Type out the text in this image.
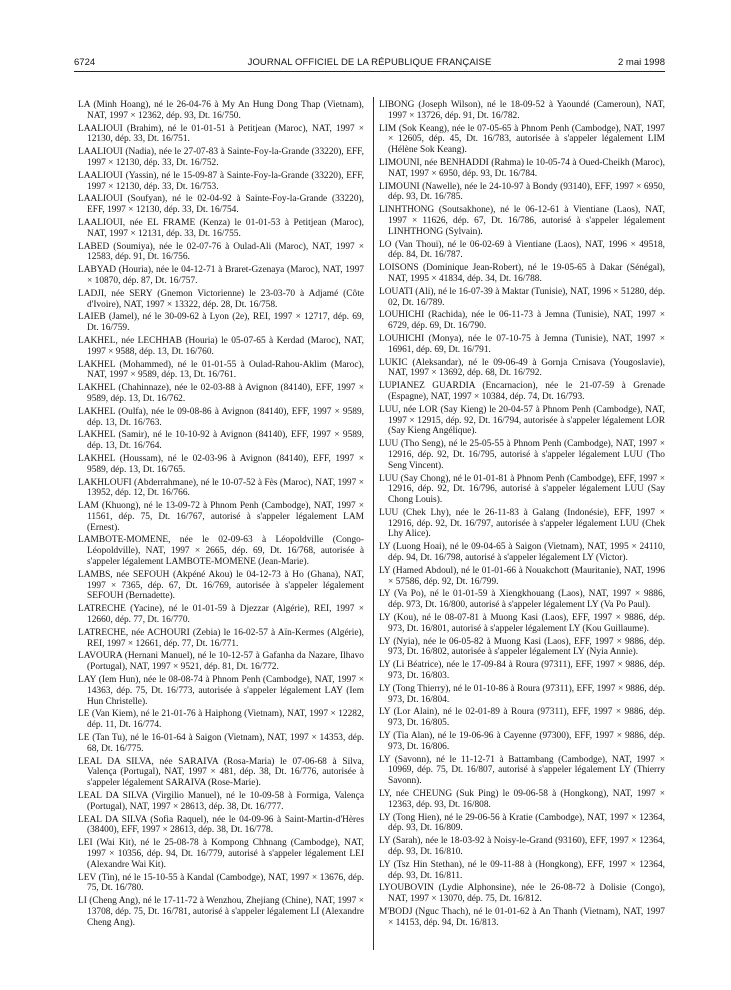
6724	JOURNAL OFFICIEL DE LA RÉPUBLIQUE FRANÇAISE	2 mai 1998

LA (Minh Hoang), né le 26-04-76 à My An Hung Dong Thap (Vietnam), NAT, 1997 × 12362, dép. 93, Dt. 16/750.

LAALIOUI (Brahim), né le 01-01-51 à Petitjean (Maroc), NAT, 1997 × 12130, dép. 33, Dt. 16/751.

LAALIOUI (Nadia), née le 27-07-83 à Sainte-Foy-la-Grande (33220), EFF, 1997 × 12130, dép. 33, Dt. 16/752.

LAALIOUI (Yassin), né le 15-09-87 à Sainte-Foy-la-Grande (33220), EFF, 1997 × 12130, dép. 33, Dt. 16/753.

LAALIOUI (Soufyan), né le 02-04-92 à Sainte-Foy-la-Grande (33220), EFF, 1997 × 12130, dép. 33, Dt. 16/754.

LAALIOUI, née EL FRAME (Kenza) le 01-01-53 à Petitjean (Maroc), NAT, 1997 × 12131, dép. 33, Dt. 16/755.

LABED (Soumiya), née le 02-07-76 à Oulad-Ali (Maroc), NAT, 1997 × 12583, dép. 91, Dt. 16/756.

LABYAD (Houria), née le 04-12-71 à Braret-Gzenaya (Maroc), NAT, 1997 × 10870, dép. 87, Dt. 16/757.

LADJI, née SERY (Gnemon Victorienne) le 23-03-70 à Adjamé (Côte d'Ivoire), NAT, 1997 × 13322, dép. 28, Dt. 16/758.

LAIEB (Jamel), né le 30-09-62 à Lyon (2e), REI, 1997 × 12717, dép. 69, Dt. 16/759.

LAKHEL, née LECHHAB (Houria) le 05-07-65 à Kerdad (Maroc), NAT, 1997 × 9588, dép. 13, Dt. 16/760.

LAKHEL (Mohammed), né le 01-01-55 à Oulad-Rahou-Aklim (Maroc), NAT, 1997 × 9589, dép. 13, Dt. 16/761.

LAKHEL (Chahinnaze), née le 02-03-88 à Avignon (84140), EFF, 1997 × 9589, dép. 13, Dt. 16/762.

LAKHEL (Oulfa), née le 09-08-86 à Avignon (84140), EFF, 1997 × 9589, dép. 13, Dt. 16/763.

LAKHEL (Samir), né le 10-10-92 à Avignon (84140), EFF, 1997 × 9589, dép. 13, Dt. 16/764.

LAKHEL (Houssam), né le 02-03-96 à Avignon (84140), EFF, 1997 × 9589, dép. 13, Dt. 16/765.

LAKHLOUFI (Abderrahmane), né le 10-07-52 à Fès (Maroc), NAT, 1997 × 13952, dép. 12, Dt. 16/766.

LAM (Khuong), né le 13-09-72 à Phnom Penh (Cambodge), NAT, 1997 × 11561, dép. 75, Dt. 16/767, autorisé à s'appeler légalement LAM (Ernest).

LAMBOTE-MOMENE, née le 02-09-63 à Léopoldville (Congo-Léopoldville), NAT, 1997 × 2665, dép. 69, Dt. 16/768, autorisée à s'appeler légalement LAMBOTE-MOMENE (Jean-Marie).

LAMBS, née SEFOUH (Akpéné Akou) le 04-12-73 à Ho (Ghana), NAT, 1997 × 7365, dép. 67, Dt. 16/769, autorisée à s'appeler légalement SEFOUH (Bernadette).

LATRECHE (Yacine), né le 01-01-59 à Djezzar (Algérie), REI, 1997 × 12660, dép. 77, Dt. 16/770.

LATRECHE, née ACHOURI (Zebia) le 16-02-57 à Aïn-Kermes (Algérie), REI, 1997 × 12661, dép. 77, Dt. 16/771.

LAVOURA (Hernani Manuel), né le 10-12-57 à Gafanha da Nazare, Ilhavo (Portugal), NAT, 1997 × 9521, dép. 81, Dt. 16/772.

LAY (Iem Hun), née le 08-08-74 à Phnom Penh (Cambodge), NAT, 1997 × 14363, dép. 75, Dt. 16/773, autorisée à s'appeler légalement LAY (Iem Hun Christelle).

LE (Van Kiem), né le 21-01-76 à Haiphong (Vietnam), NAT, 1997 × 12282, dép. 11, Dt. 16/774.

LE (Tan Tu), né le 16-01-64 à Saigon (Vietnam), NAT, 1997 × 14353, dép. 68, Dt. 16/775.

LEAL DA SILVA, née SARAIVA (Rosa-Maria) le 07-06-68 à Silva, Valença (Portugal), NAT, 1997 × 481, dép. 38, Dt. 16/776, autorisée à s'appeler légalement SARAIVA (Rose-Marie).

LEAL DA SILVA (Virgilio Manuel), né le 10-09-58 à Formiga, Valença (Portugal), NAT, 1997 × 28613, dép. 38, Dt. 16/777.

LEAL DA SILVA (Sofia Raquel), née le 04-09-96 à Saint-Martin-d'Hères (38400), EFF, 1997 × 28613, dép. 38, Dt. 16/778.

LEI (Wai Kit), né le 25-08-78 à Kompong Chhnang (Cambodge), NAT, 1997 × 10356, dép. 94, Dt. 16/779, autorisé à s'appeler légalement LEI (Alexandre Wai Kit).

LEV (Tin), né le 15-10-55 à Kandal (Cambodge), NAT, 1997 × 13676, dép. 75, Dt. 16/780.

LI (Cheng Ang), né le 17-11-72 à Wenzhou, Zhejiang (Chine), NAT, 1997 × 13708, dép. 75, Dt. 16/781, autorisé à s'appeler légalement LI (Alexandre Cheng Ang).

LIBONG (Joseph Wilson), né le 18-09-52 à Yaoundé (Cameroun), NAT, 1997 × 13726, dép. 91, Dt. 16/782.

LIM (Sok Keang), née le 07-05-65 à Phnom Penh (Cambodge), NAT, 1997 × 12605, dép. 45, Dt. 16/783, autorisée à s'appeler légalement LIM (Hélène Sok Keang).

LIMOUNI, née BENHADDI (Rahma) le 10-05-74 à Oued-Cheikh (Maroc), NAT, 1997 × 6950, dép. 93, Dt. 16/784.

LIMOUNI (Nawelle), née le 24-10-97 à Bondy (93140), EFF, 1997 × 6950, dép. 93, Dt. 16/785.

LINHTHONG (Soutsakhone), né le 06-12-61 à Vientiane (Laos), NAT, 1997 × 11626, dép. 67, Dt. 16/786, autorisé à s'appeler légalement LINHTHONG (Sylvain).

LO (Van Thoui), né le 06-02-69 à Vientiane (Laos), NAT, 1996 × 49518, dép. 84, Dt. 16/787.

LOISONS (Dominique Jean-Robert), né le 19-05-65 à Dakar (Sénégal), NAT, 1995 × 41834, dép. 34, Dt. 16/788.

LOUATI (Ali), né le 16-07-39 à Maktar (Tunisie), NAT, 1996 × 51280, dép. 02, Dt. 16/789.

LOUHICHI (Rachida), née le 06-11-73 à Jemna (Tunisie), NAT, 1997 × 6729, dép. 69, Dt. 16/790.

LOUHICHI (Monya), née le 07-10-75 à Jemna (Tunisie), NAT, 1997 × 16961, dép. 69, Dt. 16/791.

LUKIC (Aleksandar), né le 09-06-49 à Gornja Crnisava (Yougoslavie), NAT, 1997 × 13692, dép. 68, Dt. 16/792.

LUPIANEZ GUARDIA (Encarnacion), née le 21-07-59 à Grenade (Espagne), NAT, 1997 × 10384, dép. 74, Dt. 16/793.

LUU, née LOR (Say Kieng) le 20-04-57 à Phnom Penh (Cambodge), NAT, 1997 × 12915, dép. 92, Dt. 16/794, autorisée à s'appeler légalement LOR (Say Kieng Angélique).

LUU (Tho Seng), né le 25-05-55 à Phnom Penh (Cambodge), NAT, 1997 × 12916, dép. 92, Dt. 16/795, autorisé à s'appeler légalement LUU (Tho Seng Vincent).

LUU (Say Chong), né le 01-01-81 à Phnom Penh (Cambodge), EFF, 1997 × 12916, dép. 92, Dt. 16/796, autorisé à s'appeler légalement LUU (Say Chong Louis).

LUU (Chek Lhy), née le 26-11-83 à Galang (Indonésie), EFF, 1997 × 12916, dép. 92, Dt. 16/797, autorisée à s'appeler légalement LUU (Chek Lhy Alice).

LY (Luong Hoai), né le 09-04-65 à Saigon (Vietnam), NAT, 1995 × 24110, dép. 94, Dt. 16/798, autorisé à s'appeler légalement LY (Victor).

LY (Hamed Abdoul), né le 01-01-66 à Nouakchott (Mauritanie), NAT, 1996 × 57586, dép. 92, Dt. 16/799.

LY (Va Po), né le 01-01-59 à Xiengkhouang (Laos), NAT, 1997 × 9886, dép. 973, Dt. 16/800, autorisé à s'appeler légalement LY (Va Po Paul).

LY (Kou), né le 08-07-81 à Muong Kasi (Laos), EFF, 1997 × 9886, dép. 973, Dt. 16/801, autorisé à s'appeler légalement LY (Kou Guillaume).

LY (Nyia), née le 06-05-82 à Muong Kasi (Laos), EFF, 1997 × 9886, dép. 973, Dt. 16/802, autorisée à s'appeler légalement LY (Nyia Annie).

LY (Li Béatrice), née le 17-09-84 à Roura (97311), EFF, 1997 × 9886, dép. 973, Dt. 16/803.

LY (Tong Thierry), né le 01-10-86 à Roura (97311), EFF, 1997 × 9886, dép. 973, Dt. 16/804.

LY (Lor Alain), né le 02-01-89 à Roura (97311), EFF, 1997 × 9886, dép. 973, Dt. 16/805.

LY (Tia Alan), né le 19-06-96 à Cayenne (97300), EFF, 1997 × 9886, dép. 973, Dt. 16/806.

LY (Savonn), né le 11-12-71 à Battambang (Cambodge), NAT, 1997 × 10969, dép. 75, Dt. 16/807, autorisé à s'appeler légalement LY (Thierry Savonn).

LY, née CHEUNG (Suk Ping) le 09-06-58 à (Hongkong), NAT, 1997 × 12363, dép. 93, Dt. 16/808.

LY (Tong Hien), né le 29-06-56 à Kratie (Cambodge), NAT, 1997 × 12364, dép. 93, Dt. 16/809.

LY (Sarah), née le 18-03-92 à Noisy-le-Grand (93160), EFF, 1997 × 12364, dép. 93, Dt. 16/810.

LY (Tsz Hin Stethan), né le 09-11-88 à (Hongkong), EFF, 1997 × 12364, dép. 93, Dt. 16/811.

LYOUBOVIN (Lydie Alphonsine), née le 26-08-72 à Dolisie (Congo), NAT, 1997 × 13070, dép. 75, Dt. 16/812.

M'BODJ (Nguc Thach), né le 01-01-62 à An Thanh (Vietnam), NAT, 1997 × 14153, dép. 94, Dt. 16/813.
